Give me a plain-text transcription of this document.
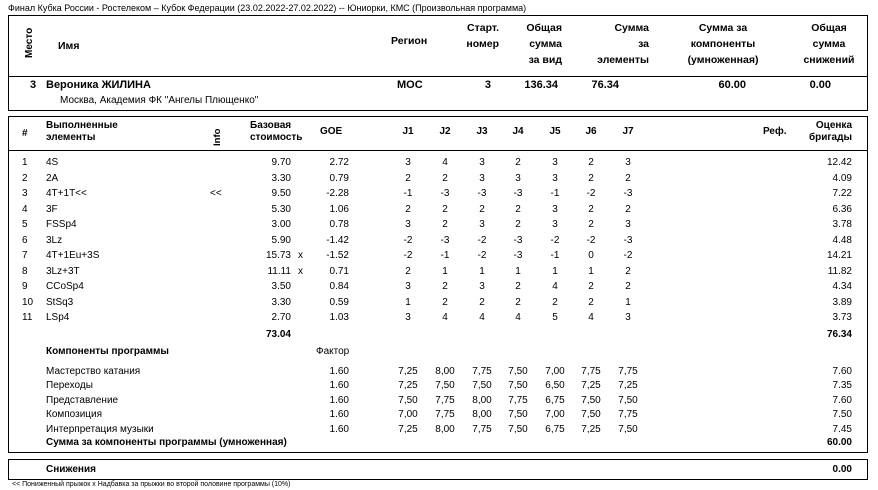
Финал Кубка России - Ростелеком – Кубок Федерации (23.02.2022-27.02.2022) -- Юниорки, КМС (Произвольная программа)
Место Имя	Регион
Старт.
номер
Общая
сумма
за вид
Сумма
за
элементы
Сумма за
компоненты
(умноженная)
Общая
сумма
снижений
3 Вероника ЖИЛИНА
Москва, Академия ФК "Ангелы Плющенко"
МОС	3	136.34	76.34	60.00	0.00
#
Выполненные
элементы	Info
Базовая
стоимость
GOE	J1	J2	J3	J4	J5	J6	J7	Реф.
Оценка
бригады
1 4S	9.70	2.72	3	4	3	2	3	2	3	12.42
2 2A	3.30	0.79	2	2	3	3	3	2	2	4.09
3 4T+1T<<	<<	9.50	-2.28	-1	-3	-3	-3	-1	-2	-3	7.22
4 3F	5.30	1.06	2	2	2	2	3	2	2	6.36
5 FSSp4	3.00	0.78	3	2	3	2	3	2	3	3.78
6 3Lz	5.90	-1.42	-2	-3	-2	-3	-2	-2	-3	4.48
7 4T+1Eu+3S	15.73 x	-1.52	-2	-1	-2	-3	-1	0	-2	14.21
8 3Lz+3T	11.11 x	0.71	2	1	1	1	1	1	2	11.82
9 CCoSp4	3.50	0.84	3	2	3	2	4	2	2	4.34
10 StSq3	3.30	0.59	1	2	2	2	2	2	1	3.89
11 LSp4	2.70	1.03	3	4	4	4	5	4	3	3.73
73.04	76.34
Компоненты программы	Фактор
Мастерство катания	1.60	7,25	8,00	7,75	7,50	7,00	7,75	7,75	7.60
Переходы	1.60	7,25	7,50	7,50	7,50	6,50	7,25	7,25	7.35
Представление	1.60	7,50	7,75	8,00	7,75	6,75	7,50	7,50	7.60
Композиция	1.60	7,00	7,75	8,00	7,50	7,00	7,50	7,75	7.50
Интерпретация музыки	1.60	7,25	8,00	7,75	7,50	6,75	7,25	7,50	7.45
Сумма за компоненты программы (умноженная)	60.00
Снижения	0.00
<< Пониженный прыжок x Надбавка за прыжки во второй половине программы (10%)
